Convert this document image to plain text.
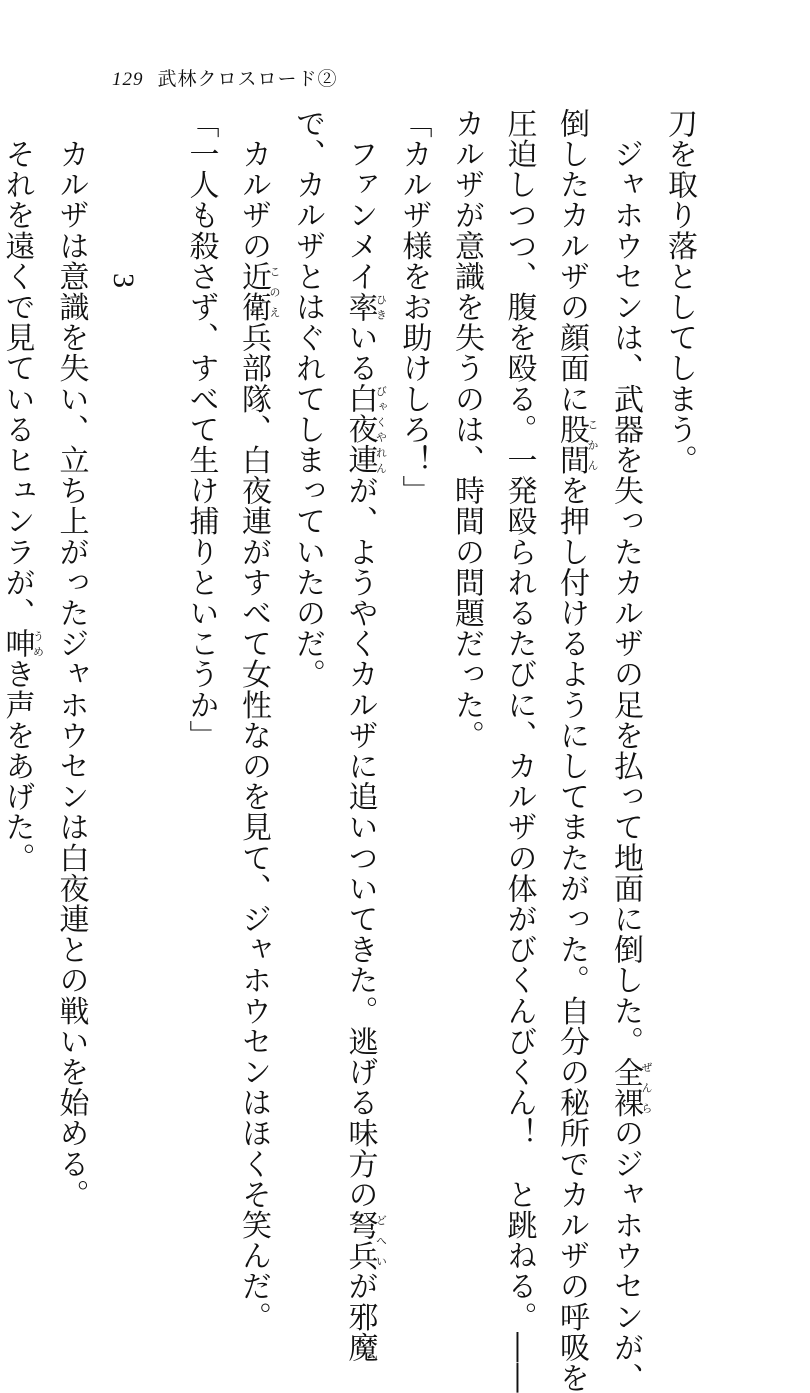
129 武林クロスロード②
刀を取り落としてしまう。
　ジャホウセンは、武器を失ったカルザの足を払って地面に倒した。全裸ぜんらのジャホウセンが、
倒したカルザの顔面に股間こかんを押し付けるようにしてまたがった。自分の秘所でカルザの呼吸を
圧迫しつつ、腹を殴る。一発殴られるたびに、カルザの体がびくんびくん！　と跳ねる。――
カルザが意識を失うのは、時間の問題だった。
「カルザ様をお助けしろ！」
　ファンメイ率ひきいる白夜連びゃくやれんが、ようやくカルザに追いついてきた。逃げる味方の弩兵どへいが邪魔
で、カルザとはぐれてしまっていたのだ。
　カルザの近衛このえ兵部隊、白夜連がすべて女性なのを見て、ジャホウセンはほくそ笑んだ。
「一人も殺さず、すべて生け捕りといこうか」
3
　カルザは意識を失い、立ち上がったジャホウセンは白夜連との戦いを始める。
　それを遠くで見ているヒュンラが、呻うめき声をあげた。
